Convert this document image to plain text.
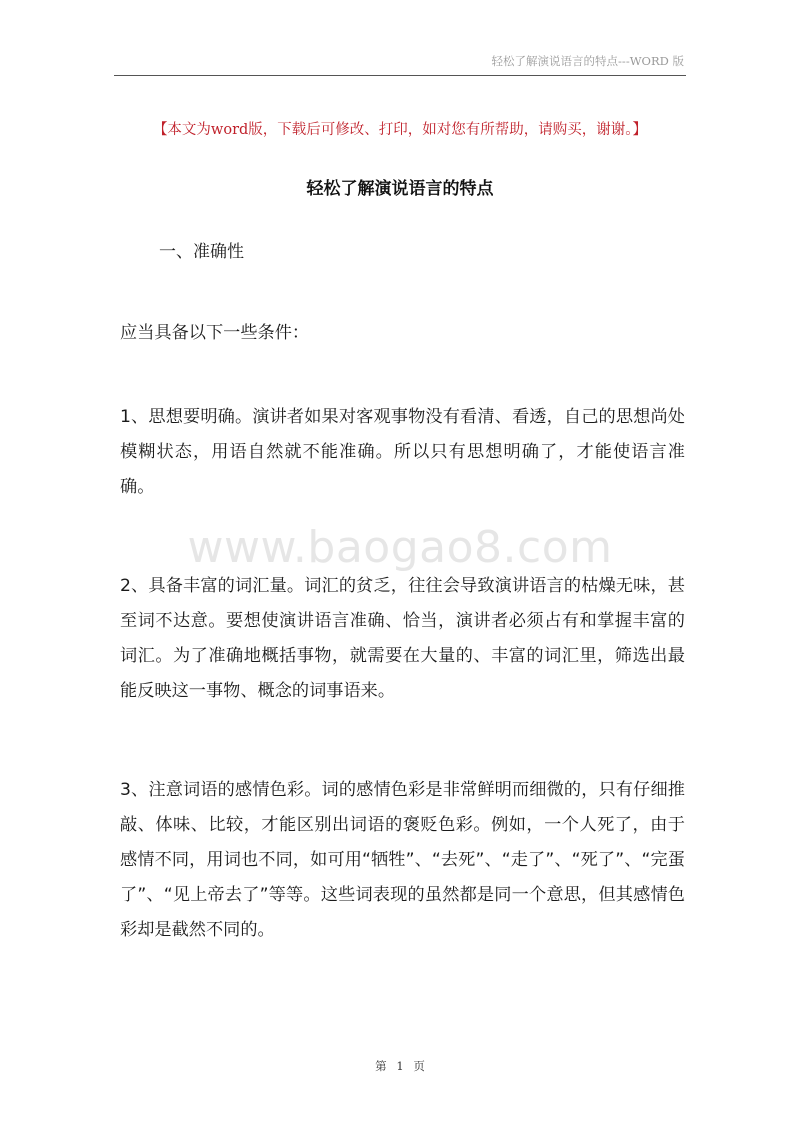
轻松了解演说语言的特点---WORD 版
【本文为word版，下载后可修改、打印，如对您有所帮助，请购买，谢谢。】
轻松了解演说语言的特点
一、准确性
www.baogao8.com

应当具备以下一些条件：

1、思想要明确。演讲者如果对客观事物没有看清、看透，自己的思想尚处模糊状态，用语自然就不能准确。所以只有思想明确了，才能使语言准确。

2、具备丰富的词汇量。词汇的贫乏，往往会导致演讲语言的枯燥无味，甚至词不达意。要想使演讲语言准确、恰当，演讲者必须占有和掌握丰富的词汇。为了准确地概括事物，就需要在大量的、丰富的词汇里，筛选出最能反映这一事物、概念的词事语来。

3、注意词语的感情色彩。词的感情色彩是非常鲜明而细微的，只有仔细推敲、体味、比较，才能区别出词语的褒贬色彩。例如，一个人死了，由于感情不同，用词也不同，如可用“牺牲”、“去死”、“走了”、“死了”、“完蛋了”、“见上帝去了”等等。这些词表现的虽然都是同一个意思，但其感情色彩却是截然不同的。

第 1 页
